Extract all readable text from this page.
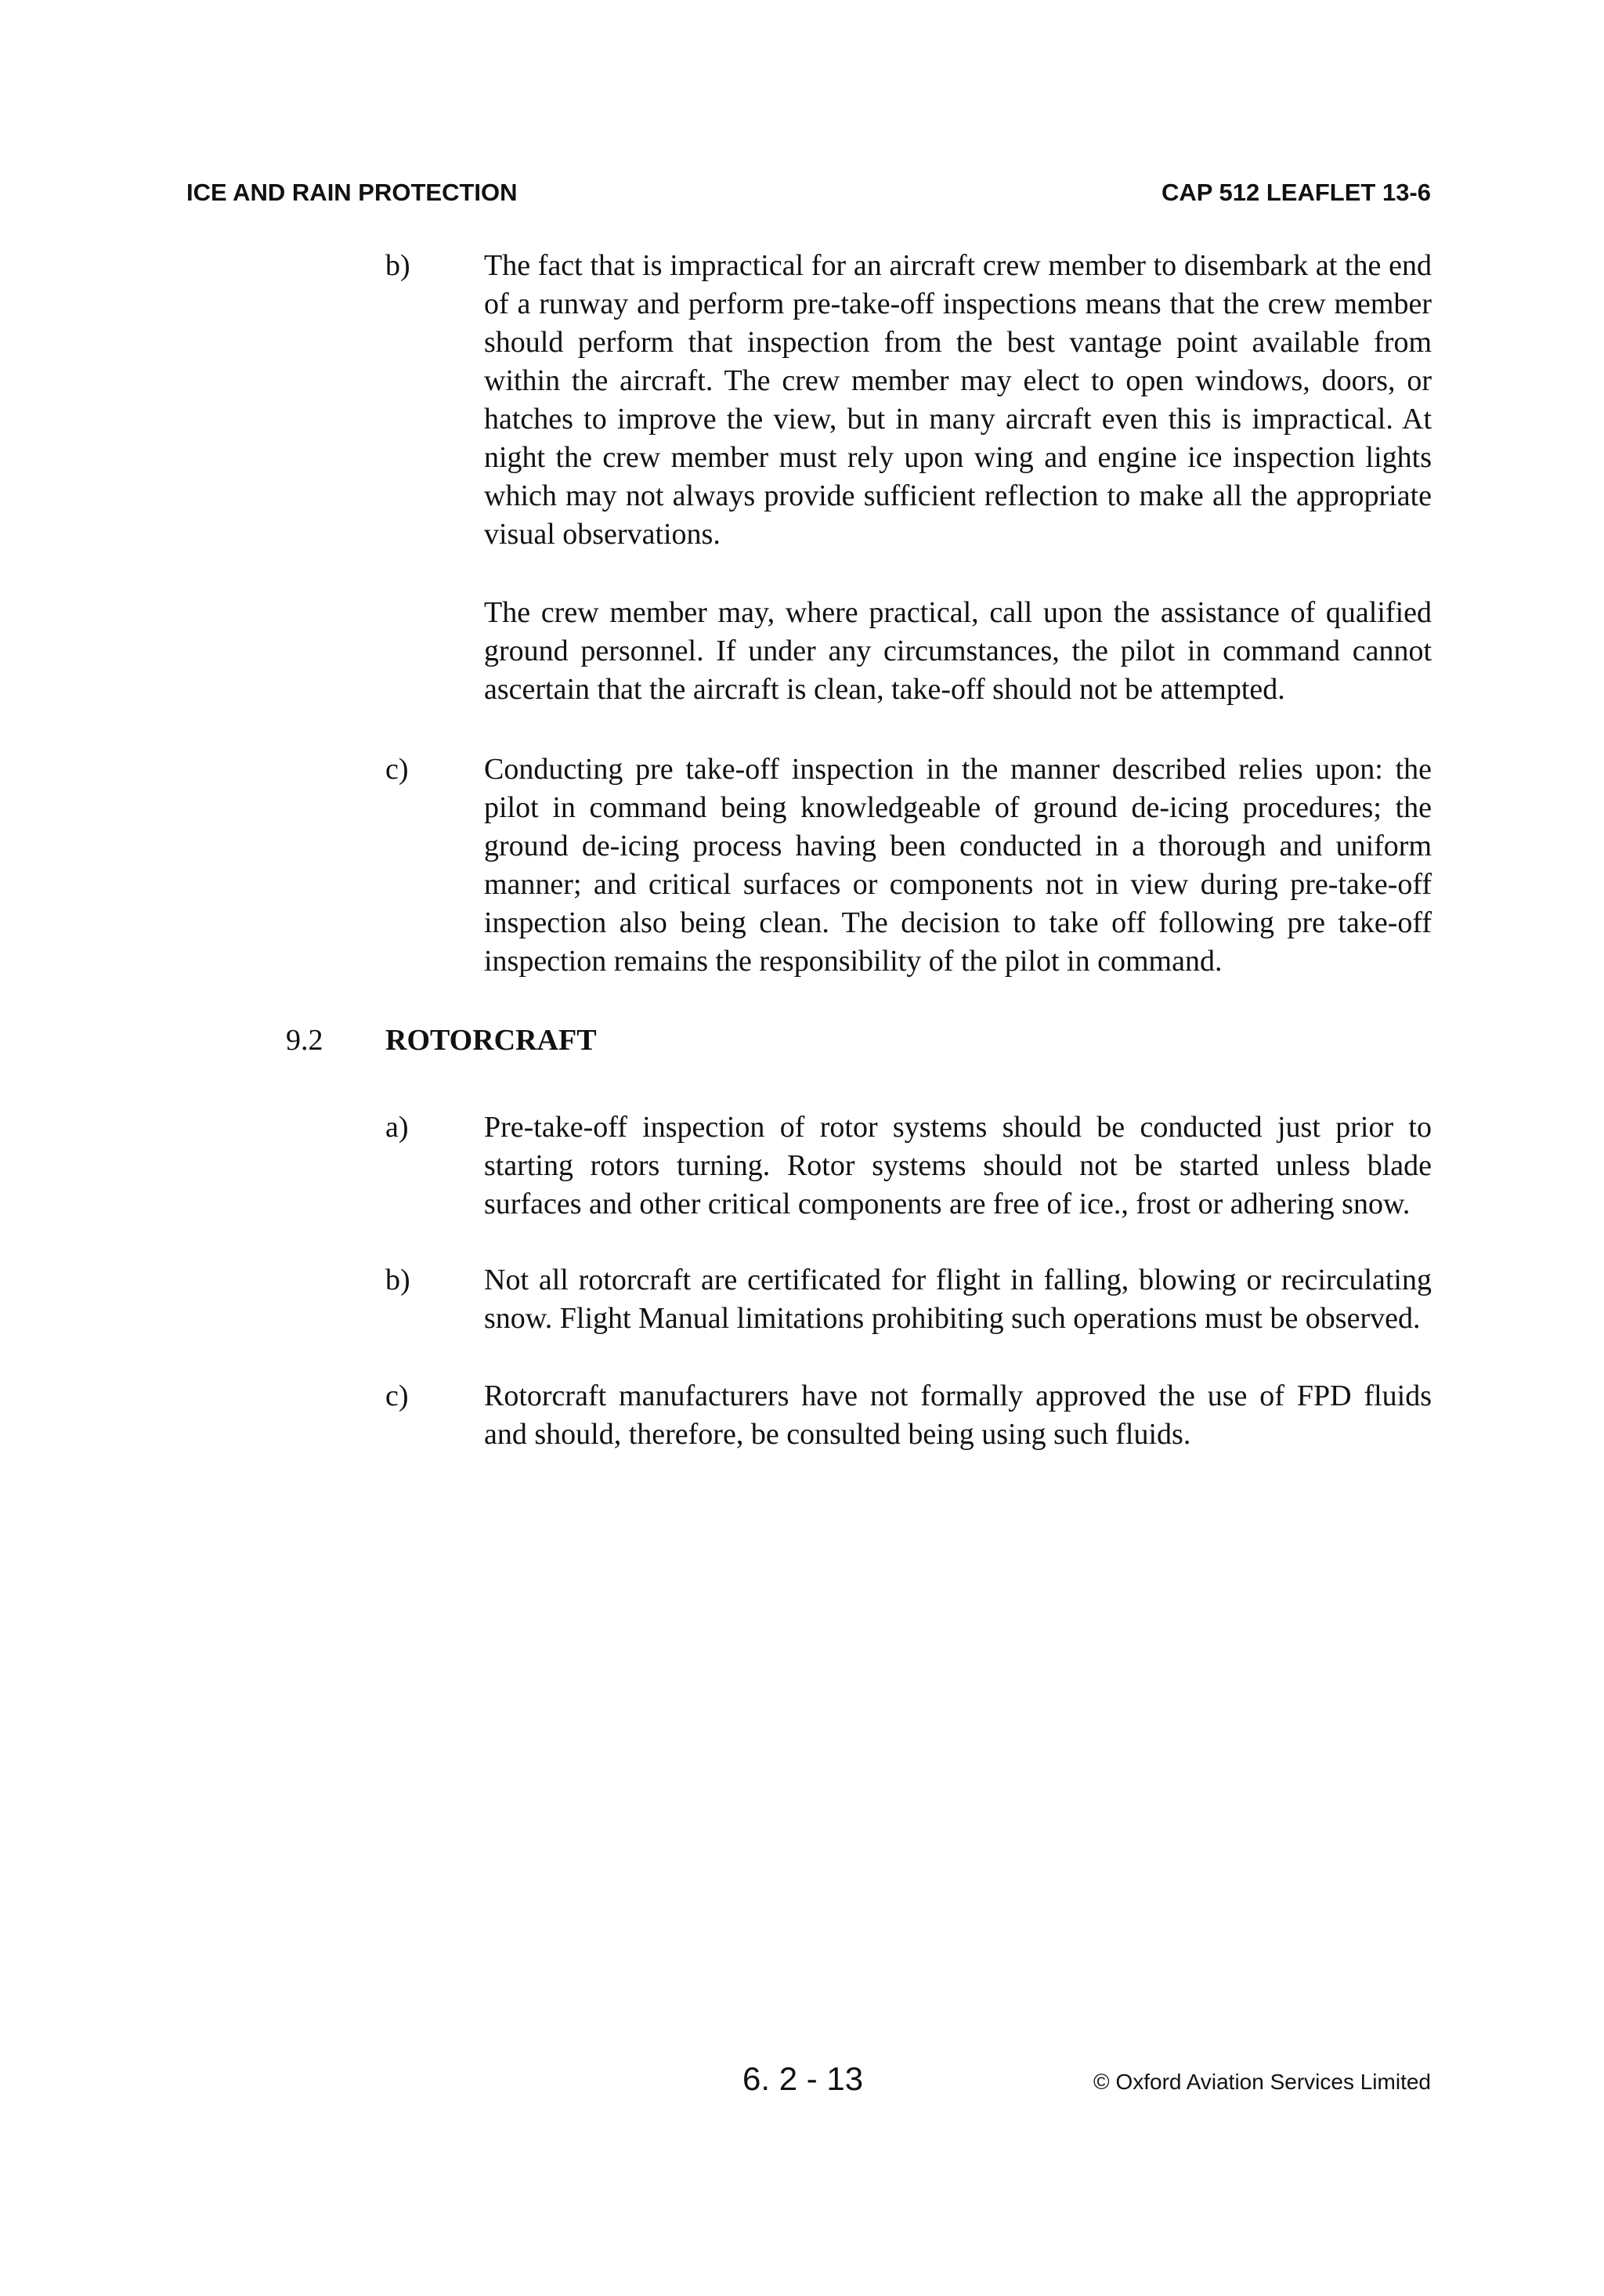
ICE AND RAIN PROTECTION	CAP 512 LEAFLET 13-6
b) The fact that is impractical for an aircraft crew member to disembark at the end of a runway and perform pre-take-off inspections means that the crew member should perform that inspection from the best vantage point available from within the aircraft. The crew member may elect to open windows, doors, or hatches to improve the view, but in many aircraft even this is impractical. At night the crew member must rely upon wing and engine ice inspection lights which may not always provide sufficient reflection to make all the appropriate visual observations.
The crew member may, where practical, call upon the assistance of qualified ground personnel. If under any circumstances, the pilot in command cannot ascertain that the aircraft is clean, take-off should not be attempted.
c)	Conducting pre take-off inspection in the manner described relies upon: the pilot in command being knowledgeable of ground de-icing procedures; the ground de-icing process having been conducted in a thorough and uniform manner; and critical surfaces or components not in view during pre-take-off inspection also being clean. The decision to take off following pre take-off inspection remains the responsibility of the pilot in command.
9.2 ROTORCRAFT
a)	Pre-take-off inspection of rotor systems should be conducted just prior to starting rotors turning. Rotor systems should not be started unless blade surfaces and other critical components are free of ice., frost or adhering snow.
b) Not all rotorcraft are certificated for flight in falling, blowing or recirculating snow. Flight Manual limitations prohibiting such operations must be observed.
c)	Rotorcraft manufacturers have not formally approved the use of FPD fluids and should, therefore, be consulted being using such fluids.
6. 2 - 13	© Oxford Aviation Services Limited
